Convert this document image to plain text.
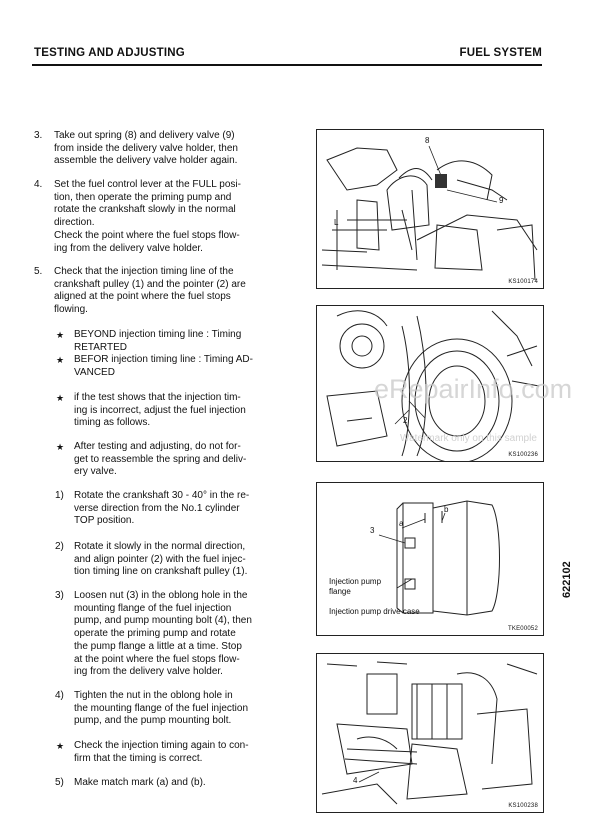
TESTING AND ADJUSTING	FUEL SYSTEM
3. Take out spring (8) and delivery valve (9)
from inside the delivery valve holder, then
assemble the delivery valve holder again.
4. Set the fuel control lever at the FULL posi-
tion, then operate the priming pump and
rotate the crankshaft slowly in the normal
direction.
Check the point where the fuel stops flow-
ing from the delivery valve holder.
5. Check that the injection timing line of the
crankshaft pulley (1) and the pointer (2) are
aligned at the point where the fuel stops
flowing.
★ BEYOND injection timing line : Timing
RETARTED
★ BEFOR injection timing line : Timing AD-
VANCED
★ if the test shows that the injection tim-
ing is incorrect, adjust the fuel injection
timing as follows.
★ After testing and adjusting, do not for-
get to reassemble the spring and deliv-
ery valve.
1) Rotate the crankshaft 30 - 40° in the re-
verse direction from the No.1 cylinder
TOP position.
2) Rotate it slowly in the normal direction,
and align pointer (2) with the fuel injec-
tion timing line on crankshaft pulley (1).
3) Loosen nut (3) in the oblong hole in the
mounting flange of the fuel injection
pump, and pump mounting bolt (4), then
operate the priming pump and rotate
the pump flange a little at a time. Stop
at the point where the fuel stops flow-
ing from the delivery valve holder.
4) Tighten the nut in the oblong hole in
the mounting flange of the fuel injection
pump, and the pump mounting bolt.
★ Check the injection timing again to con-
firm that the timing is correct.
5) Make match mark (a) and (b).
8
9
L
KS100174
2
KS100236
3
a
b
Injection pump
flange
Injection pump drive case
TKE00052
4
KS100238
eRepairInfo.com
Watermark only on this sample
622102
